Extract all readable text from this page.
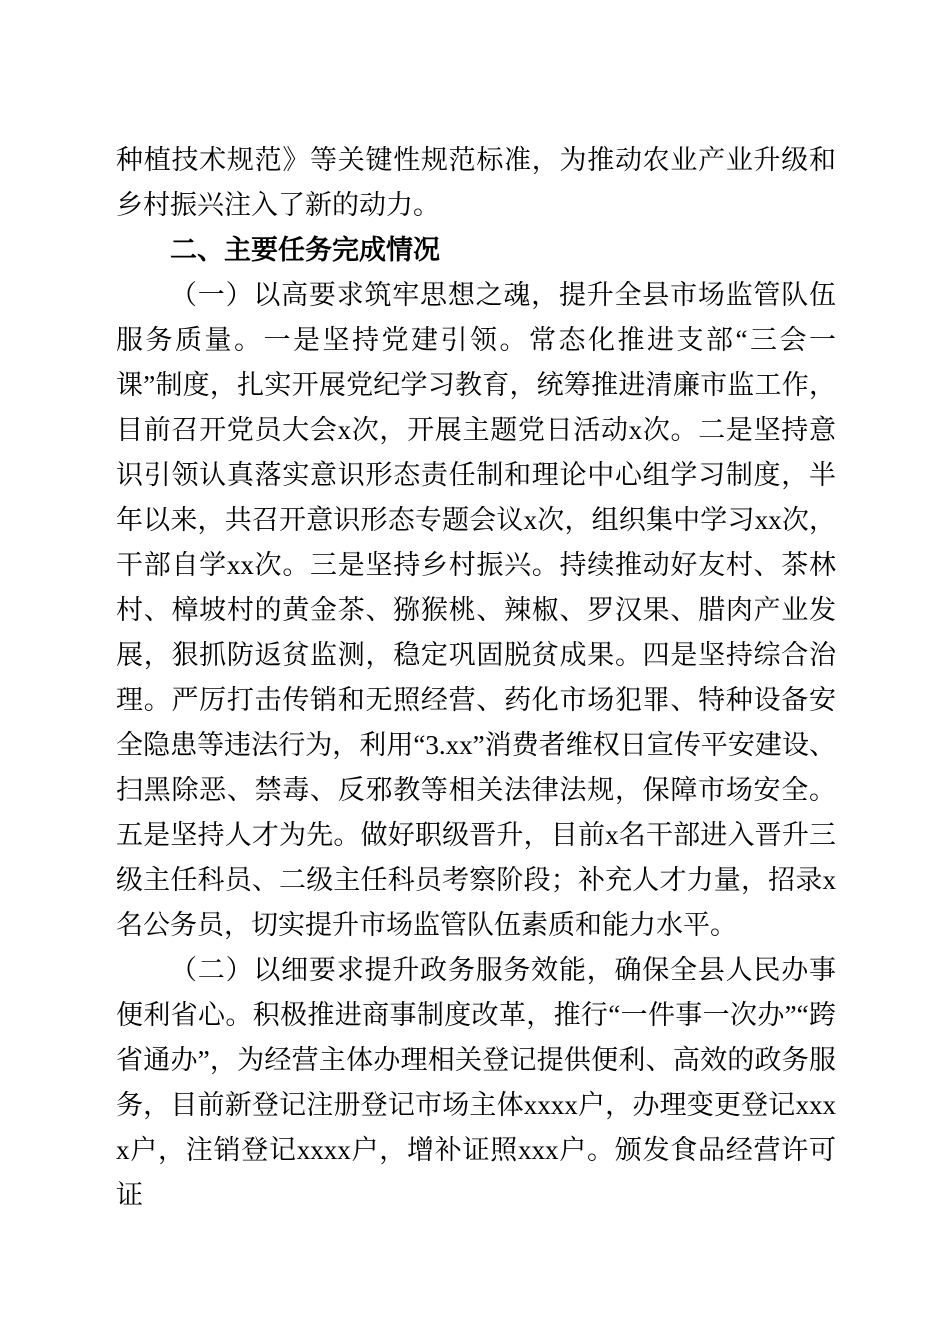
种植技术规范》等关键性规范标准，为推动农业产业升级和乡村振兴注入了新的动力。

二、主要任务完成情况

（一）以高要求筑牢思想之魂，提升全县市场监管队伍服务质量。一是坚持党建引领。常态化推进支部“三会一课”制度，扎实开展党纪学习教育，统筹推进清廉市监工作，目前召开党员大会x次，开展主题党日活动x次。二是坚持意识引领认真落实意识形态责任制和理论中心组学习制度，半年以来，共召开意识形态专题会议x次，组织集中学习xx次，干部自学xx次。三是坚持乡村振兴。持续推动好友村、茶林村、樟坡村的黄金茶、猕猴桃、辣椒、罗汉果、腊肉产业发展，狠抓防返贫监测，稳定巩固脱贫成果。四是坚持综合治理。严厉打击传销和无照经营、药化市场犯罪、特种设备安全隐患等违法行为，利用“3.xx”消费者维权日宣传平安建设、扫黑除恶、禁毒、反邪教等相关法律法规，保障市场安全。五是坚持人才为先。做好职级晋升，目前x名干部进入晋升三级主任科员、二级主任科员考察阶段；补充人才力量，招录x名公务员，切实提升市场监管队伍素质和能力水平。

（二）以细要求提升政务服务效能，确保全县人民办事便利省心。积极推进商事制度改革，推行“一件事一次办”“跨省通办”，为经营主体办理相关登记提供便利、高效的政务服务，目前新登记注册登记市场主体xxxx户，办理变更登记xxxx户，注销登记xxxx户，增补证照xxx户。颁发食品经营许可证
